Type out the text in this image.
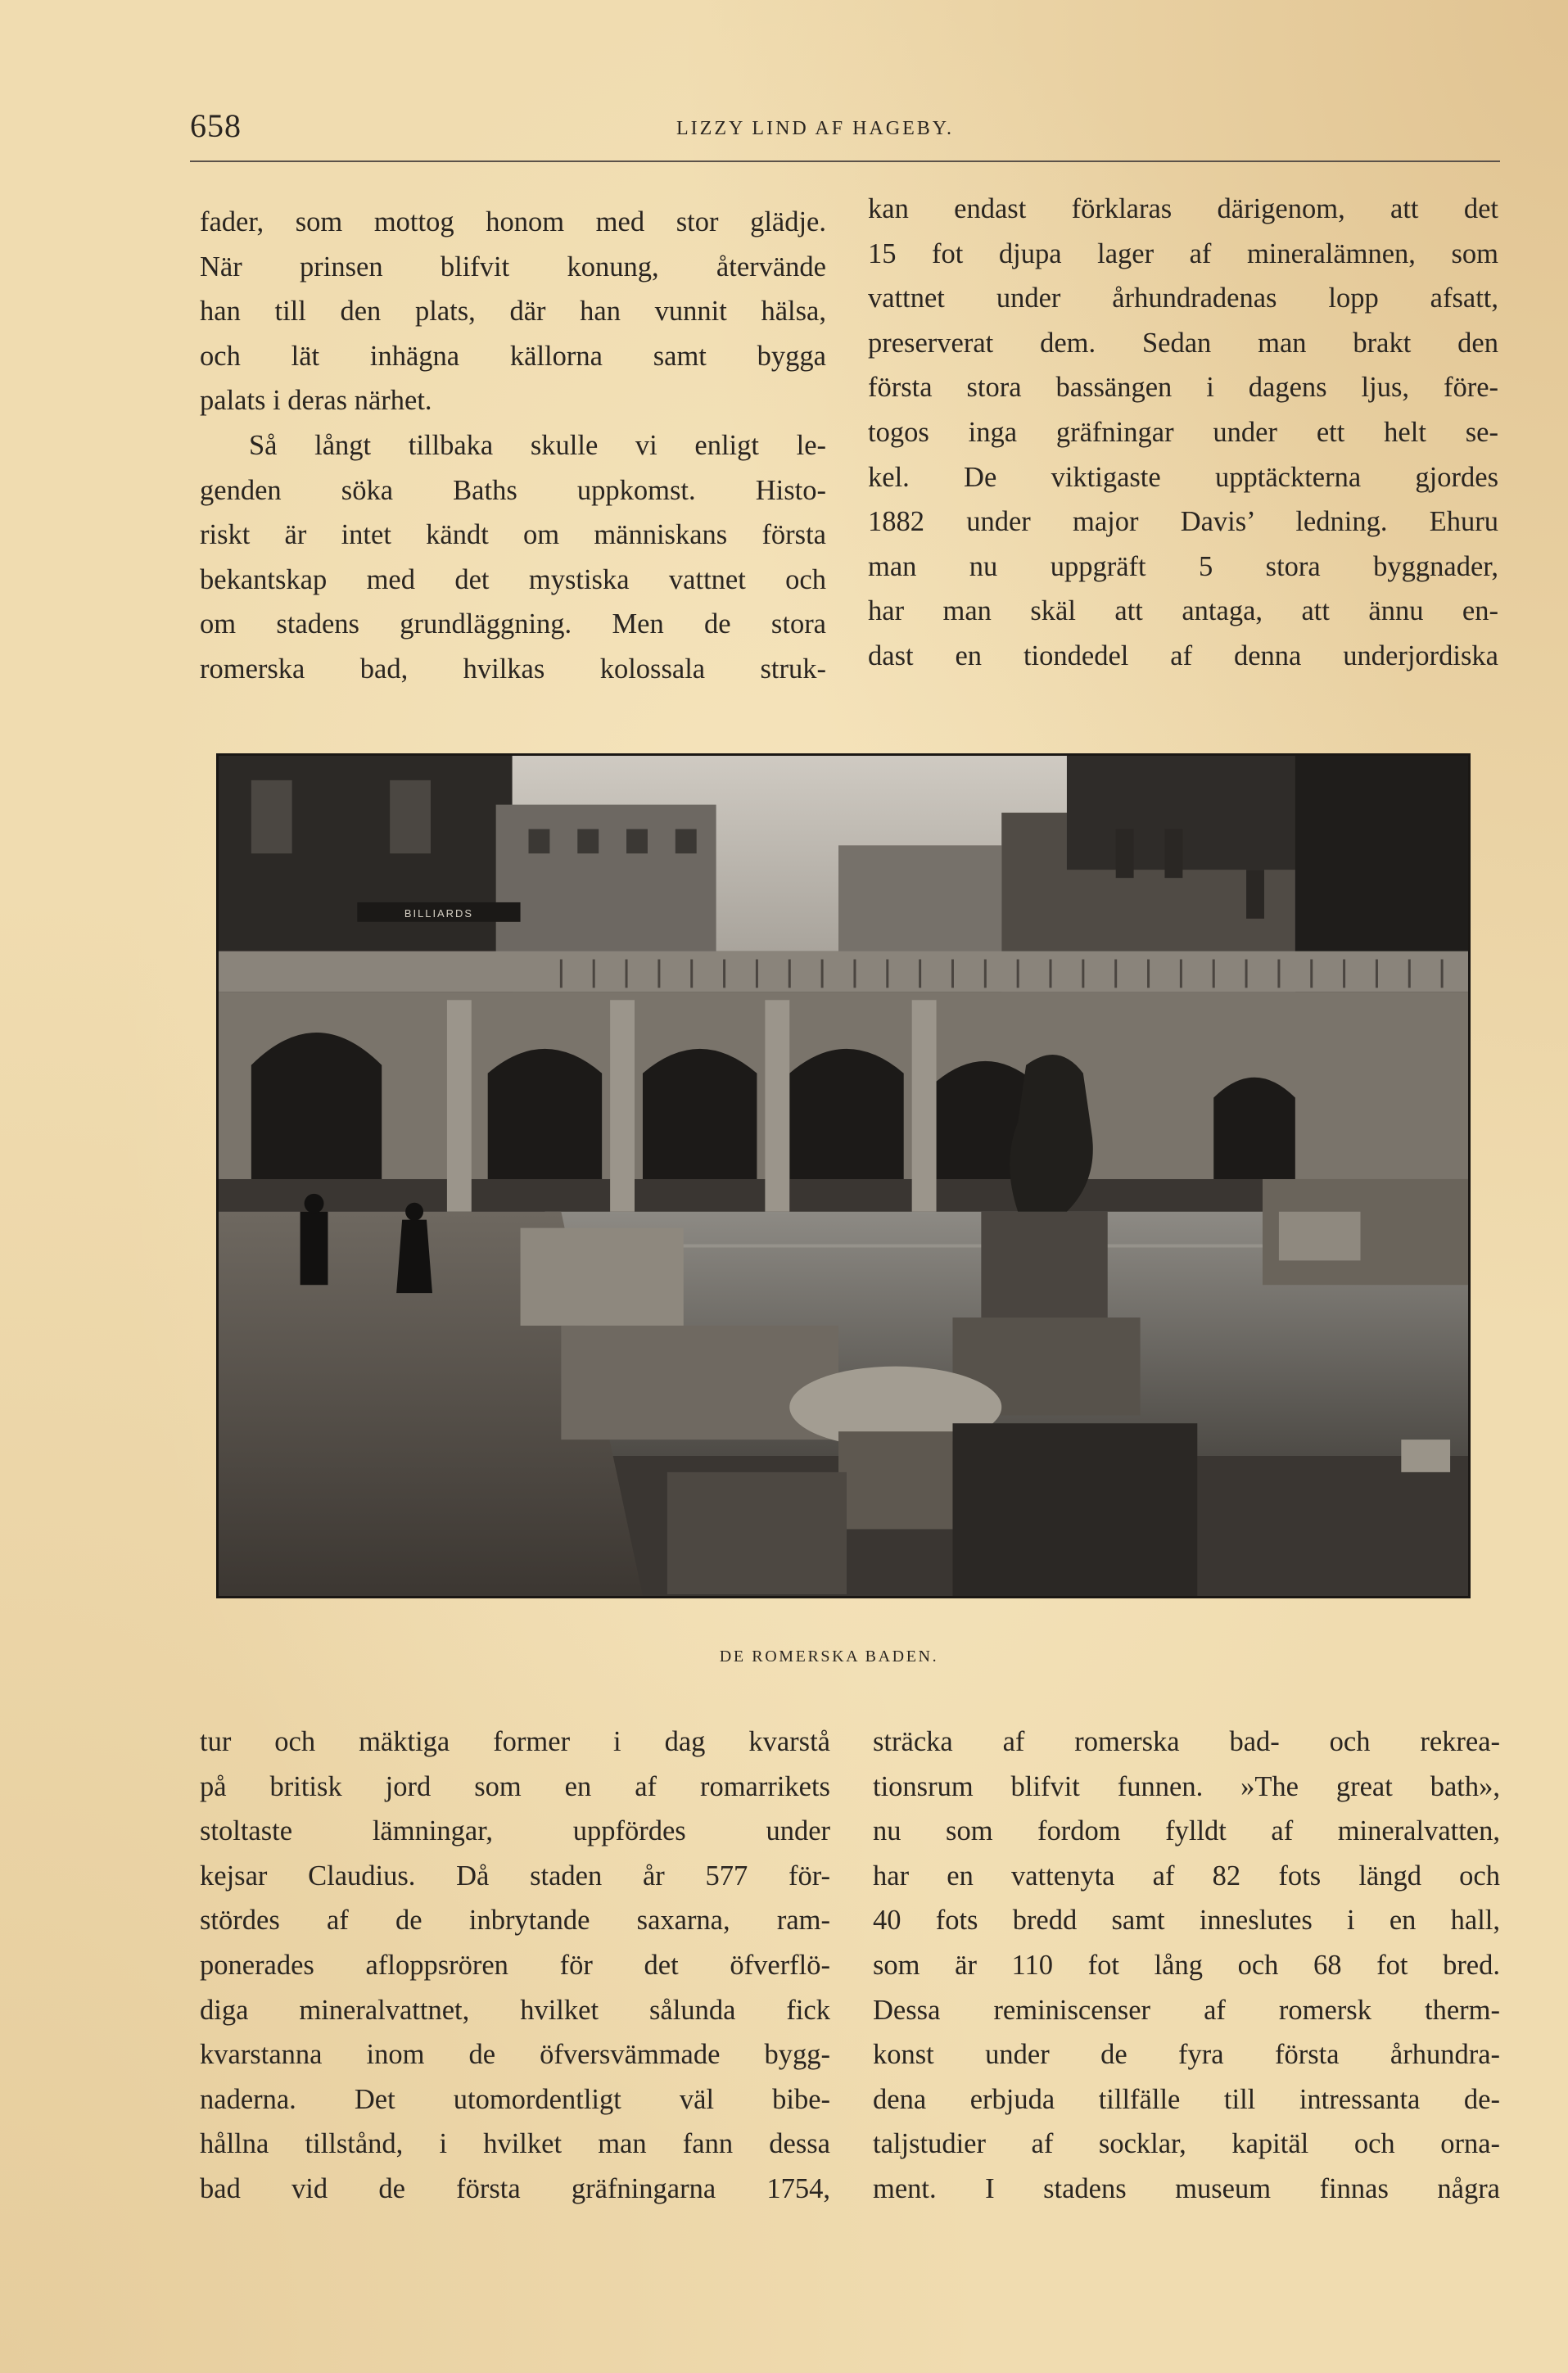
658	LIZZY LIND AF HAGEBY.
fader, som mottog honom med stor glädje.
När prinsen blifvit konung, återvände
han till den plats, där han vunnit hälsa,
och lät inhägna källorna samt bygga
palats i deras närhet.
Så långt tillbaka skulle vi enligt le-
genden söka Baths uppkomst. Histo-
riskt är intet kändt om människans första
bekantskap med det mystiska vattnet och
om stadens grundläggning. Men de stora
romerska bad, hvilkas kolossala struk-
kan endast förklaras därigenom, att det
15 fot djupa lager af mineralämnen, som
vattnet under århundradenas lopp afsatt,
preserverat dem. Sedan man brakt den
första stora bassängen i dagens ljus, före-
togos inga gräfningar under ett helt se-
kel. De viktigaste upptäckterna gjordes
1882 under major Davis’ ledning. Ehuru
man nu uppgräft 5 stora byggnader,
har man skäl att antaga, att ännu en-
dast en tiondedel af denna underjordiska
BILLIARDS
DE ROMERSKA BADEN.
tur och mäktiga former i dag kvarstå
på britisk jord som en af romarrikets
stoltaste lämningar, uppfördes under
kejsar Claudius. Då staden år 577 för-
stördes af de inbrytande saxarna, ram-
ponerades afloppsrören för det öfverflö-
diga mineralvattnet, hvilket sålunda fick
kvarstanna inom de öfversvämmade bygg-
naderna. Det utomordentligt väl bibe-
hållna tillstånd, i hvilket man fann dessa
bad vid de första gräfningarna 1754,
sträcka af romerska bad- och rekrea-
tionsrum blifvit funnen. »The great bath»,
nu som fordom fylldt af mineralvatten,
har en vattenyta af 82 fots längd och
40 fots bredd samt inneslutes i en hall,
som är 110 fot lång och 68 fot bred.
Dessa reminiscenser af romersk therm-
konst under de fyra första århundra-
dena erbjuda tillfälle till intressanta de-
taljstudier af socklar, kapitäl och orna-
ment. I stadens museum finnas några
